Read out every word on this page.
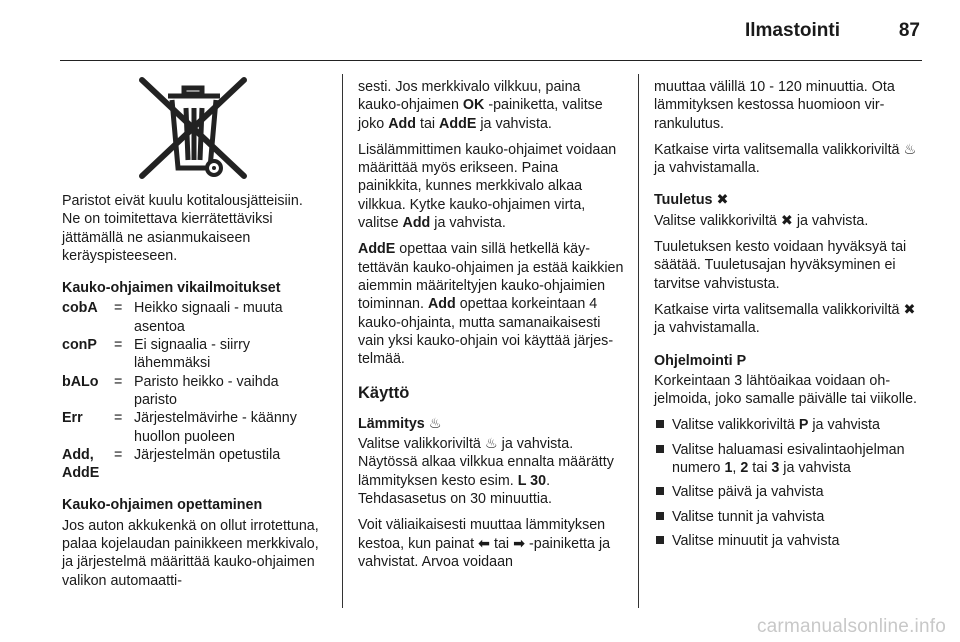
Ilmastointi	87

Paristot eivät kuulu kotitalousjätteisiin. Ne on toimitettava kierrätettäviksi jättämällä ne asianmukaiseen keräyspisteeseen.

Kauko-ohjaimen vikailmoitukset
cobA	=	Heikko signaali - muuta asentoa
conP	=	Ei signaalia - siirry lähemmäksi
bALo	=	Paristo heikko - vaihda paristo
Err	=	Järjestelmävirhe - käänny huollon puoleen
Add, AddE	=	Järjestelmän opetustila
Kauko-ohjaimen opettaminen

Jos auton akkukenkä on ollut irrotettuna, palaa kojelaudan painikkeen merkkivalo, ja järjestelmä määrittää kauko-ohjaimen valikon automaatti-

sesti. Jos merkkivalo vilkkuu, paina kauko-ohjaimen OK -painiketta, valitse joko Add tai AddE ja vahvista.

Lisälämmittimen kauko-ohjaimet voidaan määrittää myös erikseen. Paina painikkita, kunnes merkkivalo alkaa vilkkua. Kytke kauko-ohjaimen virta, valitse Add ja vahvista.

AddE opettaa vain sillä hetkellä käytettävän kauko-ohjaimen ja estää kaikkien aiemmin määriteltyjen kauko-ohjaimien toiminnan. Add opettaa korkeintaan 4 kauko-ohjainta, mutta samanaikaisesti vain yksi kauko-ohjain voi käyttää järjestelmää.

Käyttö
Lämmitys ♨

Valitse valikkoriviltä ♨ ja vahvista. Näytössä alkaa vilkkua ennalta määrätty lämmityksen kesto esim. L 30. Tehdasasetus on 30 minuuttia.

Voit väliaikaisesti muuttaa lämmityksen kestoa, kun painat ⬅ tai ➡ -painiketta ja vahvistat. Arvoa voidaan

muuttaa välillä 10 - 120 minuuttia. Ota lämmityksen kestossa huomioon virrankulutus.

Katkaise virta valitsemalla valikkoriviltä ♨ ja vahvistamalla.

Tuuletus ✖

Valitse valikkoriviltä ✖ ja vahvista.

Tuuletuksen kesto voidaan hyväksyä tai säätää. Tuuletusajan hyväksyminen ei tarvitse vahvistusta.

Katkaise virta valitsemalla valikkoriviltä ✖ ja vahvistamalla.

Ohjelmointi P

Korkeintaan 3 lähtöaikaa voidaan ohjelmoida, joko samalle päivälle tai viikolle.

Valitse valikkoriviltä P ja vahvista
Valitse haluamasi esivalintaohjelman numero 1, 2 tai 3 ja vahvista
Valitse päivä ja vahvista
Valitse tunnit ja vahvista
Valitse minuutit ja vahvista
carmanualsonline.info
